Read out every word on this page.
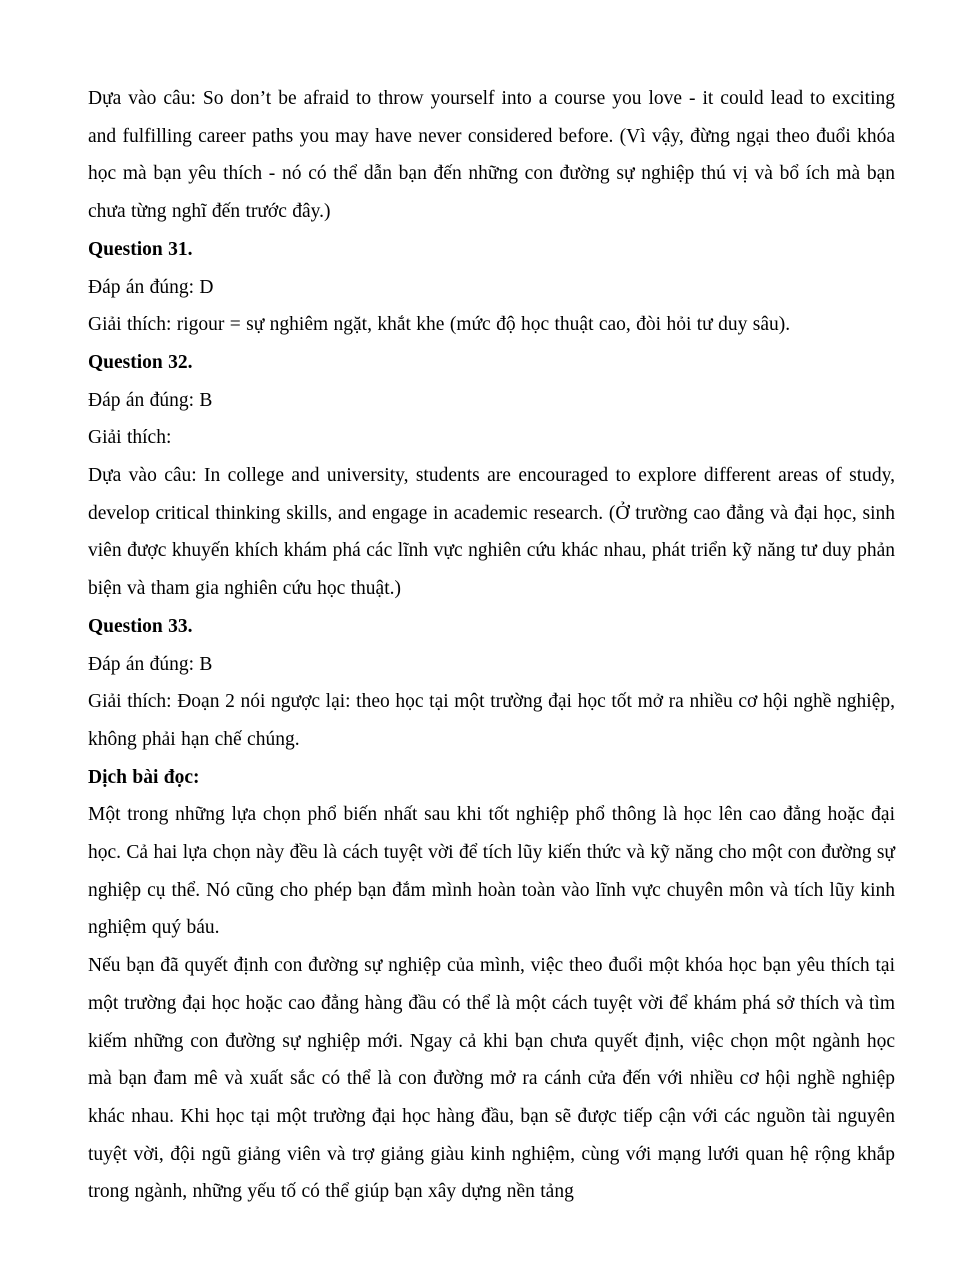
Dựa vào câu: So don’t be afraid to throw yourself into a course you love - it could lead to exciting and fulfilling career paths you may have never considered before. (Vì vậy, đừng ngại theo đuổi khóa học mà bạn yêu thích - nó có thể dẫn bạn đến những con đường sự nghiệp thú vị và bổ ích mà bạn chưa từng nghĩ đến trước đây.)

Question 31.

Đáp án đúng: D

Giải thích: rigour = sự nghiêm ngặt, khắt khe (mức độ học thuật cao, đòi hỏi tư duy sâu).

Question 32.

Đáp án đúng: B

Giải thích:

Dựa vào câu: In college and university, students are encouraged to explore different areas of study, develop critical thinking skills, and engage in academic research. (Ở trường cao đẳng và đại học, sinh viên được khuyến khích khám phá các lĩnh vực nghiên cứu khác nhau, phát triển kỹ năng tư duy phản biện và tham gia nghiên cứu học thuật.)

Question 33.

Đáp án đúng: B

Giải thích: Đoạn 2 nói ngược lại: theo học tại một trường đại học tốt mở ra nhiều cơ hội nghề nghiệp, không phải hạn chế chúng.

Dịch bài đọc:

Một trong những lựa chọn phổ biến nhất sau khi tốt nghiệp phổ thông là học lên cao đẳng hoặc đại học. Cả hai lựa chọn này đều là cách tuyệt vời để tích lũy kiến thức và kỹ năng cho một con đường sự nghiệp cụ thể. Nó cũng cho phép bạn đắm mình hoàn toàn vào lĩnh vực chuyên môn và tích lũy kinh nghiệm quý báu.

Nếu bạn đã quyết định con đường sự nghiệp của mình, việc theo đuổi một khóa học bạn yêu thích tại một trường đại học hoặc cao đẳng hàng đầu có thể là một cách tuyệt vời để khám phá sở thích và tìm kiếm những con đường sự nghiệp mới. Ngay cả khi bạn chưa quyết định, việc chọn một ngành học mà bạn đam mê và xuất sắc có thể là con đường mở ra cánh cửa đến với nhiều cơ hội nghề nghiệp khác nhau. Khi học tại một trường đại học hàng đầu, bạn sẽ được tiếp cận với các nguồn tài nguyên tuyệt vời, đội ngũ giảng viên và trợ giảng giàu kinh nghiệm, cùng với mạng lưới quan hệ rộng khắp trong ngành, những yếu tố có thể giúp bạn xây dựng nền tảng
